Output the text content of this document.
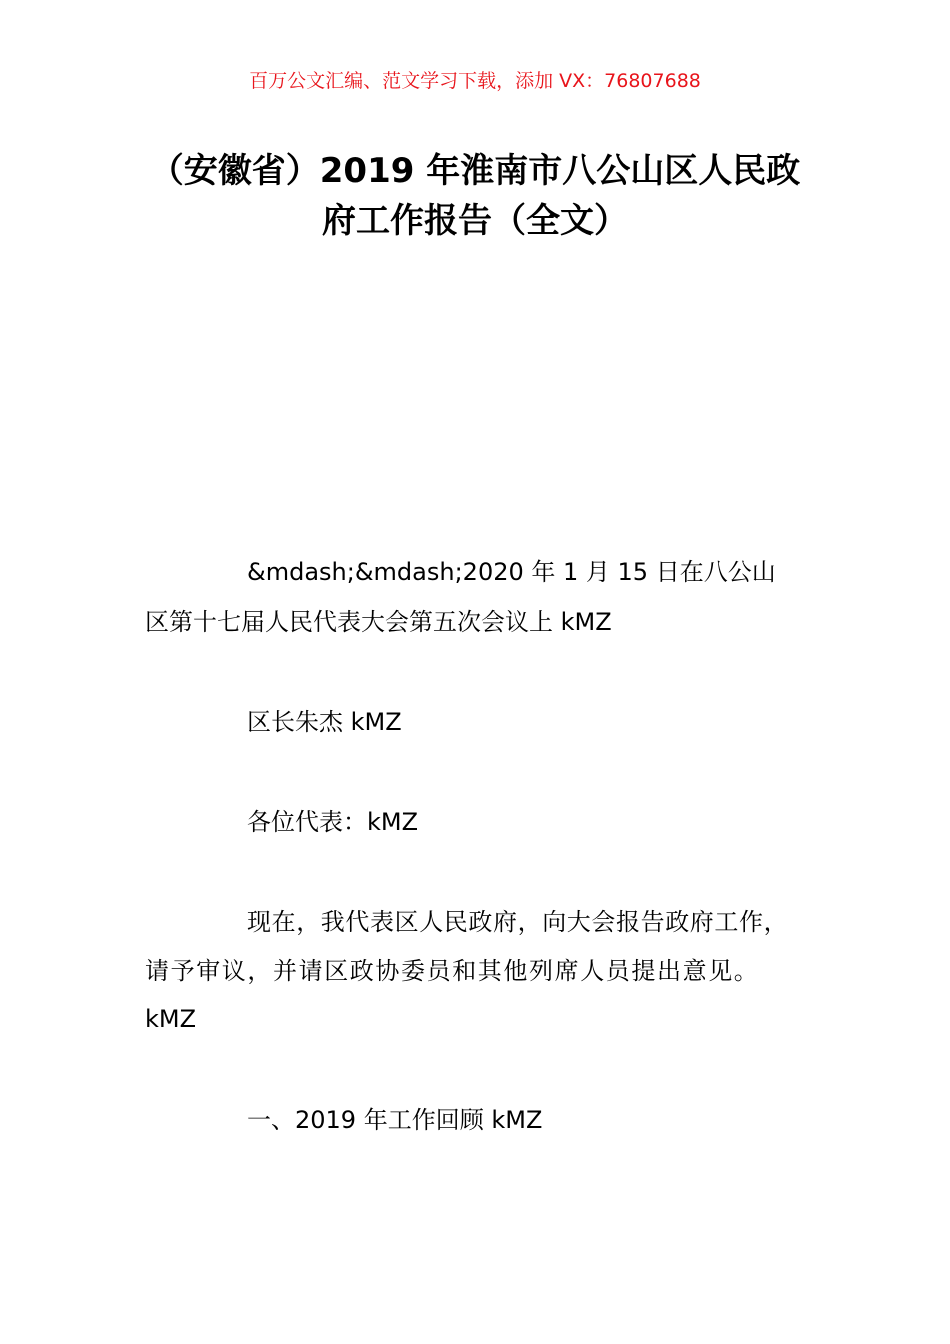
百万公文汇编、范文学习下载，添加 VX：76807688
（安徽省）2019 年淮南市八公山区人民政
府工作报告（全文）
&mdash;&mdash;2020 年 1 月 15 日在八公山
区第十七届人民代表大会第五次会议上 kMZ
区长朱杰 kMZ
各位代表：kMZ
现在，我代表区人民政府，向大会报告政府工作，
请予审议，并请区政协委员和其他列席人员提出意见。
kMZ
一、2019 年工作回顾 kMZ
